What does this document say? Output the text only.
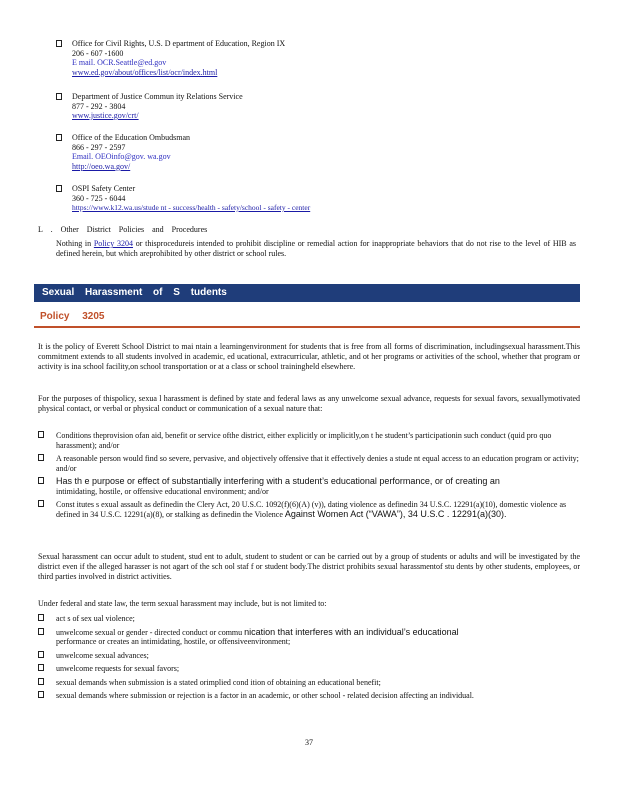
Office for Civil Rights, U.S. D epartment of Education, Region IX
206 - 607 -1600
E mail. OCR.Seattle@ed.gov
www.ed.gov/about/offices/list/ocr/index.html
Department of Justice Commun ity Relations Service
877 - 292 - 3804
www.justice.gov/crt/
Office of the Education Ombudsman
866 - 297 - 2597
Email. OEOinfo@gov. wa.gov
http://oeo.wa.gov/
OSPI Safety Center
360 - 725 - 6044
https://www.k12.wa.us/stude nt - success/health - safety/school - safety - center
L . Other District Policies and Procedures
Nothing in Policy 3204 or thisprocedureis intended to prohibit discipline or remedial action for inappropriate behaviors that do not rise to the level of HIB as defined herein, but which areprohibited by other district or school rules.
Sexual Harassment of S tudents
Policy 3205
It is the policy of Everett School District to mai ntain a learningenvironment for students that is free from all forms of discrimination, includingsexual harassment.This commitment extends to all students involved in academic, ed ucational, extracurricular, athletic, and ot her programs or activities of the school, whether that program or activity is ina school facility,on school transportation or at a class or school trainingheld elsewhere.
For the purposes of thispolicy, sexua l harassment is defined by state and federal laws as any unwelcome sexual advance, requests for sexual favors, sexuallymotivated physical contact, or verbal or physical conduct or communication of a sexual nature that:
Conditions theprovision ofan aid, benefit or service ofthe district, either explicitly or implicitly,on t he student’s participationin such conduct (quid pro quo harassment); and/or
A reasonable person would find so severe, pervasive, and objectively offensive that it effectively denies a stude nt equal access to an education program or activity; and/or
Has th e purpose or effect of substantially interfering with a student’s educational performance, or of creating an
intimidating, hostile, or offensive educational environment; and/or
Const itutes s exual assault as definedin the Clery Act, 20 U.S.C. 1092(f)(6)(A) (v)), dating violence as definedin 34 U.S.C. 12291(a)(10), domestic violence as defined in 34 U.S.C. 12291(a)(8), or stalking as definedin the Violence Against Women Act (“VAWA”), 34 U.S.C . 12291(a)(30).
Sexual harassment can occur adult to student, stud ent to adult, student to student or can be carried out by a group of students or adults and will be investigated by the district even if the alleged harasser is not agart of the sch ool staf f or student body.The district prohibits sexual harassmentof stu dents by other students, employees, or third parties involved in district activities.
Under federal and state law, the term sexual harassment may include, but is not limited to:
act s of sex ual violence;
unwelcome sexual or gender - directed conduct or commu nication that interferes with an individual’s educational
performance or creates an intimidating, hostile, or offensiveenvironment;
unwelcome sexual advances;
unwelcome requests for sexual favors;
sexual demands when submission is a stated orimplied cond ition of obtaining an educational benefit;
sexual demands where submission or rejection is a factor in an academic, or other school - related decision affecting an individual.
37
